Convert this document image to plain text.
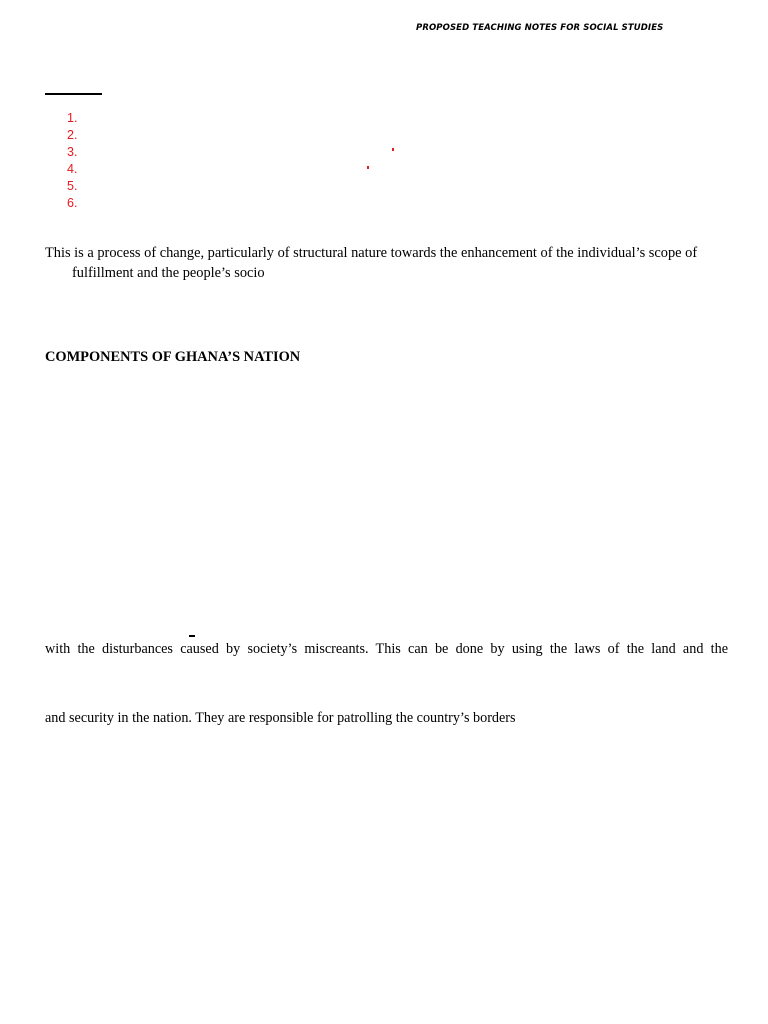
PROPOSED TEACHING NOTES FOR SOCIAL STUDIES
1.
2.
3.
4.
5.
6.

This is a process of change, particularly of structural nature towards the enhancement of the individual’s scope of
fulfillment and the people’s socio

COMPONENTS OF GHANA’S NATION

with the disturbances caused by society’s miscreants. This can be done by using the laws of the land and the

and security in the nation. They are responsible for patrolling the country’s borders
